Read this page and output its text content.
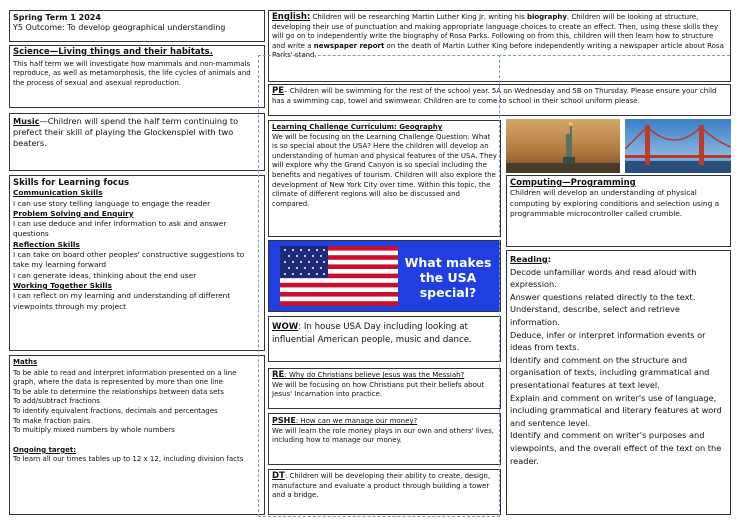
Spring Term 1 2024
Y5 Outcome: To develop geographical understanding
Science—Living things and their habitats.
This half term we will investigate how mammals and non-mammals reproduce, as well as metamorphosis, the life cycles of animals and the process of sexual and asexual reproduction.
Music—Children will spend the half term continuing to prefect their skill of playing the Glockenspiel with two beaters.
Skills for Learning focus
Communication Skills
I can use story telling language to engage the reader
Problem Solving and Enquiry
I can use deduce and infer information to ask and answer questions
Reflection Skills
I can take on board other peoples' constructive suggestions to take my learning forward
I can generate ideas, thinking about the end user
Working Together Skills
I can reflect on my learning and understanding of different viewpoints through my project
Maths
To be able to read and interpret information presented on a line graph, where the data is represented by more than one line
To be able to determine the relationships between data sets
To add/subtract fractions
To identify equivalent fractions, decimals and percentages
To make fraction pairs
To multiply mixed numbers by whole numbers
Ongoing target:
To learn all our times tables up to 12 x 12, including division facts
English: Children will be researching Martin Luther King Jr, writing his biography. Children will be looking at structure, developing their use of punctuation and making appropriate language choices to create an effect. Then, using these skills they will go on to independently write the biography of Rosa Parks. Following on from this, children will then learn how to structure and write a newspaper report on the death of Martin Luther King before independently writing a newspaper article about Rosa Parks' stand.
PE– Children will be swimming for the rest of the school year. 5A on Wednesday and 5B on Thursday. Please ensure your child has a swimming cap, towel and swimwear. Children are to come to school in their school uniform please.
Learning Challenge Curriculum: Geography
We will be focusing on the Learning Challenge Question: What is so special about the USA? Here the children will develop an understanding of human and physical features of the USA. They will explore why the Grand Canyon is so special including the benefits and negatives of tourism. Children will also explore the development of New York City over time. Within this topic, the climate of different regions will also be discussed and compared.
What makes
the USA
special?
WOW: In house USA Day including looking at influential American people, music and dance.
RE: Why do Christians believe Jesus was the Messiah?
We will be focusing on how Christians put their beliefs about Jesus' Incarnation into practice.
PSHE: How can we manage our money?
We will learn the role money plays in our own and others' lives, including how to manage our money.
DT: Children will be developing their ability to create, design, manufacture and evaluate a product through building a tower and a bridge.
Computing—Programming
Children will develop an understanding of physical computing by exploring conditions and selection using a programmable microcontroller called crumble.
Reading:
Decode unfamiliar words and read aloud with expression.
Answer questions related directly to the text.
Understand, describe, select and retrieve information.
Deduce, infer or interpret information events or ideas from texts.
Identify and comment on the structure and organisation of texts, including grammatical and presentational features at text level.
Explain and comment on writer's use of language, including grammatical and literary features at word and sentence level.
Identify and comment on writer's purposes and viewpoints, and the overall effect of the text on the reader.
